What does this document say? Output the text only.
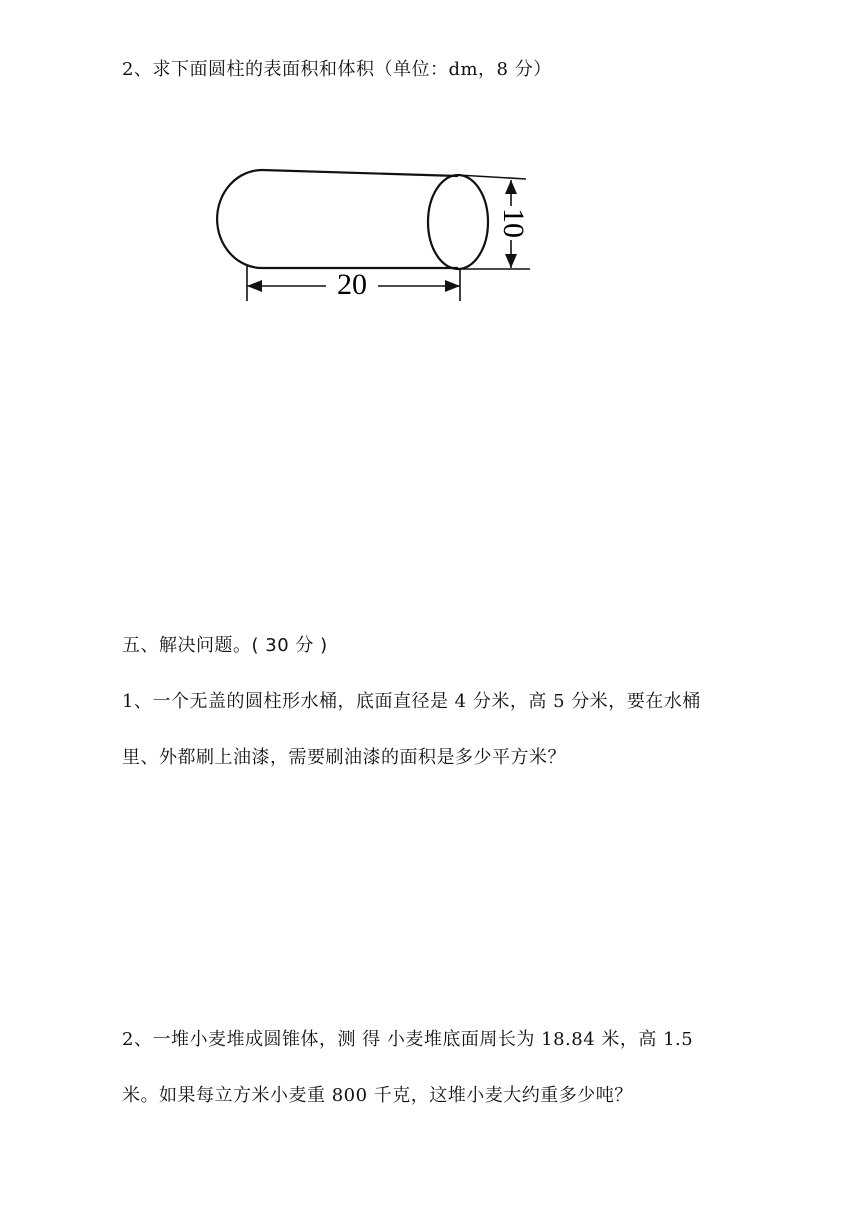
2、求下面圆柱的表面积和体积（单位：dm，8 分）
10
20
五、解决问题。( 30 分 )
1、一个无盖的圆柱形水桶，底面直径是 4 分米，高 5 分米，要在水桶
里、外都刷上油漆，需要刷油漆的面积是多少平方米？
2、一堆小麦堆成圆锥体，测 得 小麦堆底面周长为 18.84 米，高 1.5
米。如果每立方米小麦重 800 千克，这堆小麦大约重多少吨？
